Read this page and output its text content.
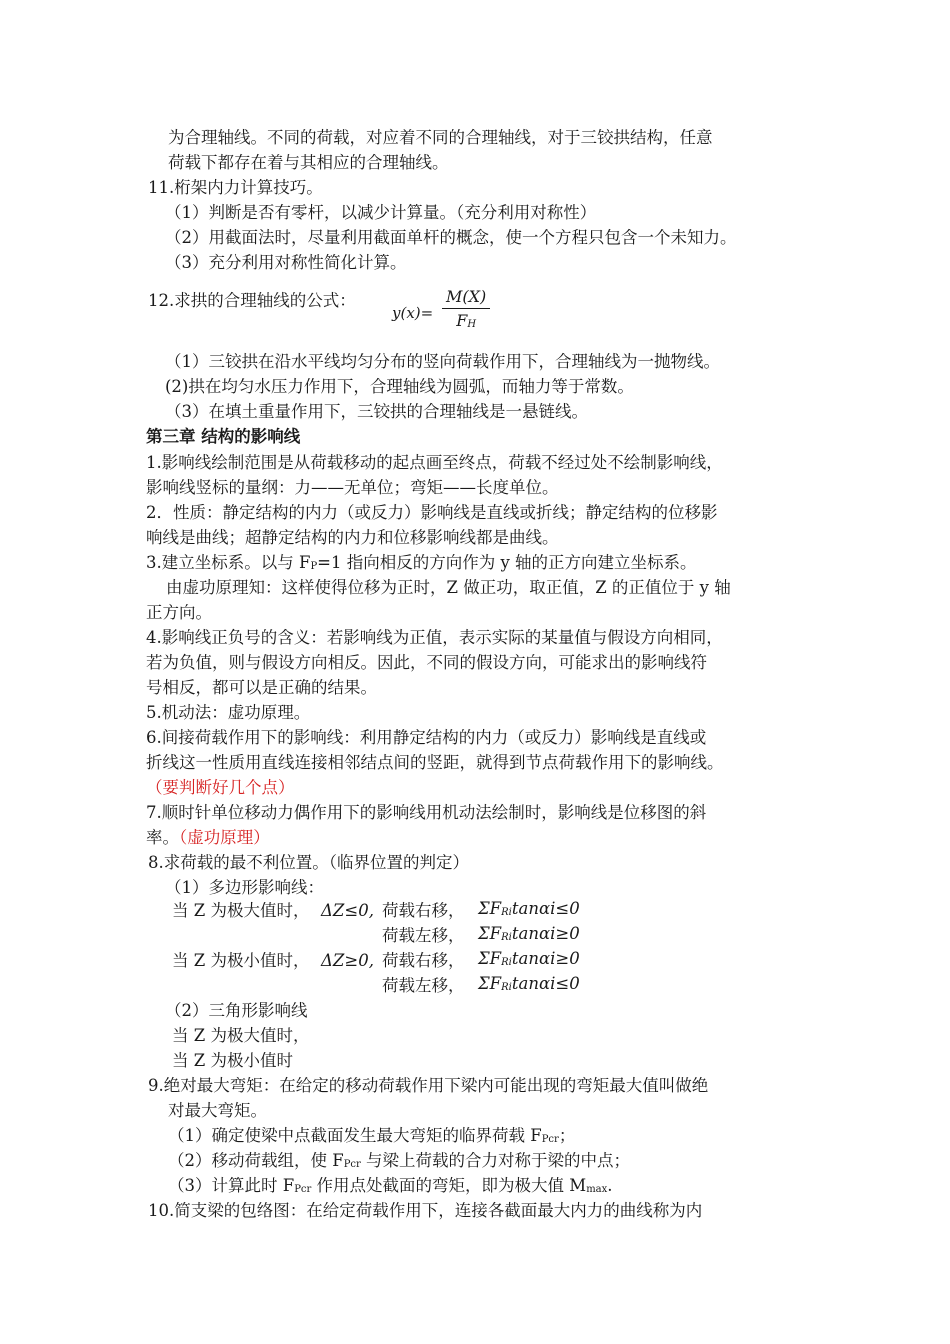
为合理轴线。不同的荷载，对应着不同的合理轴线，对于三铰拱结构，任意
荷载下都存在着与其相应的合理轴线。
11.桁架内力计算技巧。
（1）判断是否有零杆，以减少计算量。（充分利用对称性）
（2）用截面法时，尽量利用截面单杆的概念，使一个方程只包含一个未知力。
（3）充分利用对称性简化计算。
12.求拱的合理轴线的公式：
y(x)=
M(X)
FH
（1）三铰拱在沿水平线均匀分布的竖向荷载作用下，合理轴线为一抛物线。
(2)拱在均匀水压力作用下，合理轴线为圆弧，而轴力等于常数。
（3）在填土重量作用下，三铰拱的合理轴线是一悬链线。
第三章 结构的影响线
1.影响线绘制范围是从荷载移动的起点画至终点，荷载不经过处不绘制影响线，
影响线竖标的量纲：力——无单位；弯矩——长度单位。
2．性质：静定结构的内力（或反力）影响线是直线或折线；静定结构的位移影
响线是曲线；超静定结构的内力和位移影响线都是曲线。
3.建立坐标系。以与 FP=1 指向相反的方向作为 y 轴的正方向建立坐标系。
由虚功原理知：这样使得位移为正时，Z 做正功，取正值，Z 的正值位于 y 轴
正方向。
4.影响线正负号的含义：若影响线为正值，表示实际的某量值与假设方向相同，
若为负值，则与假设方向相反。因此，不同的假设方向，可能求出的影响线符
号相反，都可以是正确的结果。
5.机动法：虚功原理。
6.间接荷载作用下的影响线：利用静定结构的内力（或反力）影响线是直线或
折线这一性质用直线连接相邻结点间的竖距，就得到节点荷载作用下的影响线。
（要判断好几个点）
7.顺时针单位移动力偶作用下的影响线用机动法绘制时，影响线是位移图的斜
率。（虚功原理）
8.求荷载的最不利位置。（临界位置的判定）
（1）多边形影响线：
当 Z 为极大值时， ΔZ≤0, 荷载右移， ΣFRitanαi≤0
荷载左移， ΣFRitanαi≥0
当 Z 为极小值时， ΔZ≥0, 荷载右移， ΣFRitanαi≥0
荷载左移， ΣFRitanαi≤0
（2）三角形影响线
当 Z 为极大值时，
当 Z 为极小值时
9.绝对最大弯矩：在给定的移动荷载作用下梁内可能出现的弯矩最大值叫做绝
对最大弯矩。
（1）确定使梁中点截面发生最大弯矩的临界荷载 FPcr；
（2）移动荷载组，使 FPcr 与梁上荷载的合力对称于梁的中点；
（3）计算此时 FPcr 作用点处截面的弯矩，即为极大值 Mmax.
10.简支梁的包络图：在给定荷载作用下，连接各截面最大内力的曲线称为内
